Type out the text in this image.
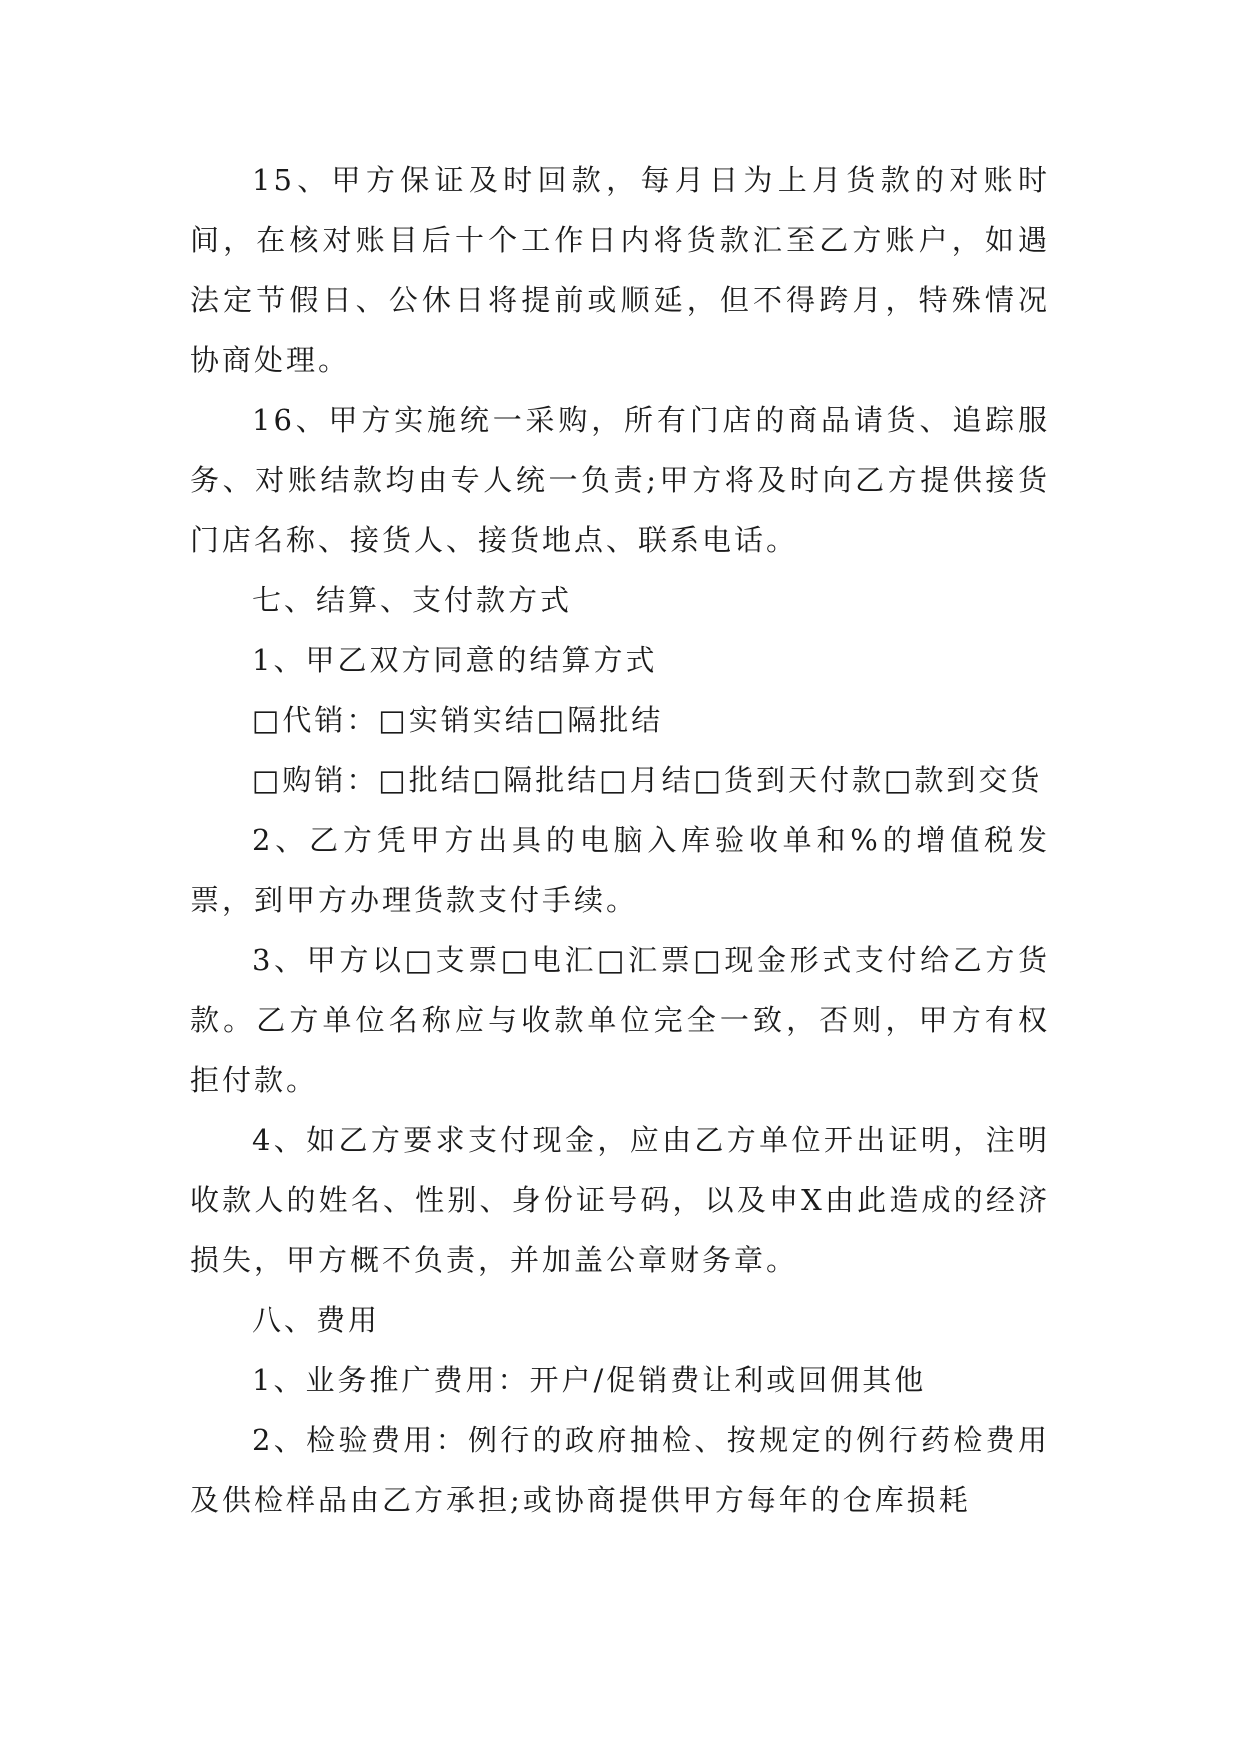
15、甲方保证及时回款，每月日为上月货款的对账时间，在核对账目后十个工作日内将货款汇至乙方账户，如遇法定节假日、公休日将提前或顺延，但不得跨月，特殊情况协商处理。

16、甲方实施统一采购，所有门店的商品请货、追踪服务、对账结款均由专人统一负责;甲方将及时向乙方提供接货门店名称、接货人、接货地点、联系电话。

七、结算、支付款方式

1、甲乙双方同意的结算方式

□代销：□实销实结□隔批结

□购销：□批结□隔批结□月结□货到天付款□款到交货

2、乙方凭甲方出具的电脑入库验收单和%的增值税发票，到甲方办理货款支付手续。

3、甲方以□支票□电汇□汇票□现金形式支付给乙方货款。乙方单位名称应与收款单位完全一致，否则，甲方有权拒付款。

4、如乙方要求支付现金，应由乙方单位开出证明，注明收款人的姓名、性别、身份证号码，以及申X由此造成的经济损失，甲方概不负责，并加盖公章财务章。

八、费用

1、业务推广费用：开户/促销费让利或回佣其他

2、检验费用：例行的政府抽检、按规定的例行药检费用及供检样品由乙方承担;或协商提供甲方每年的仓库损耗
